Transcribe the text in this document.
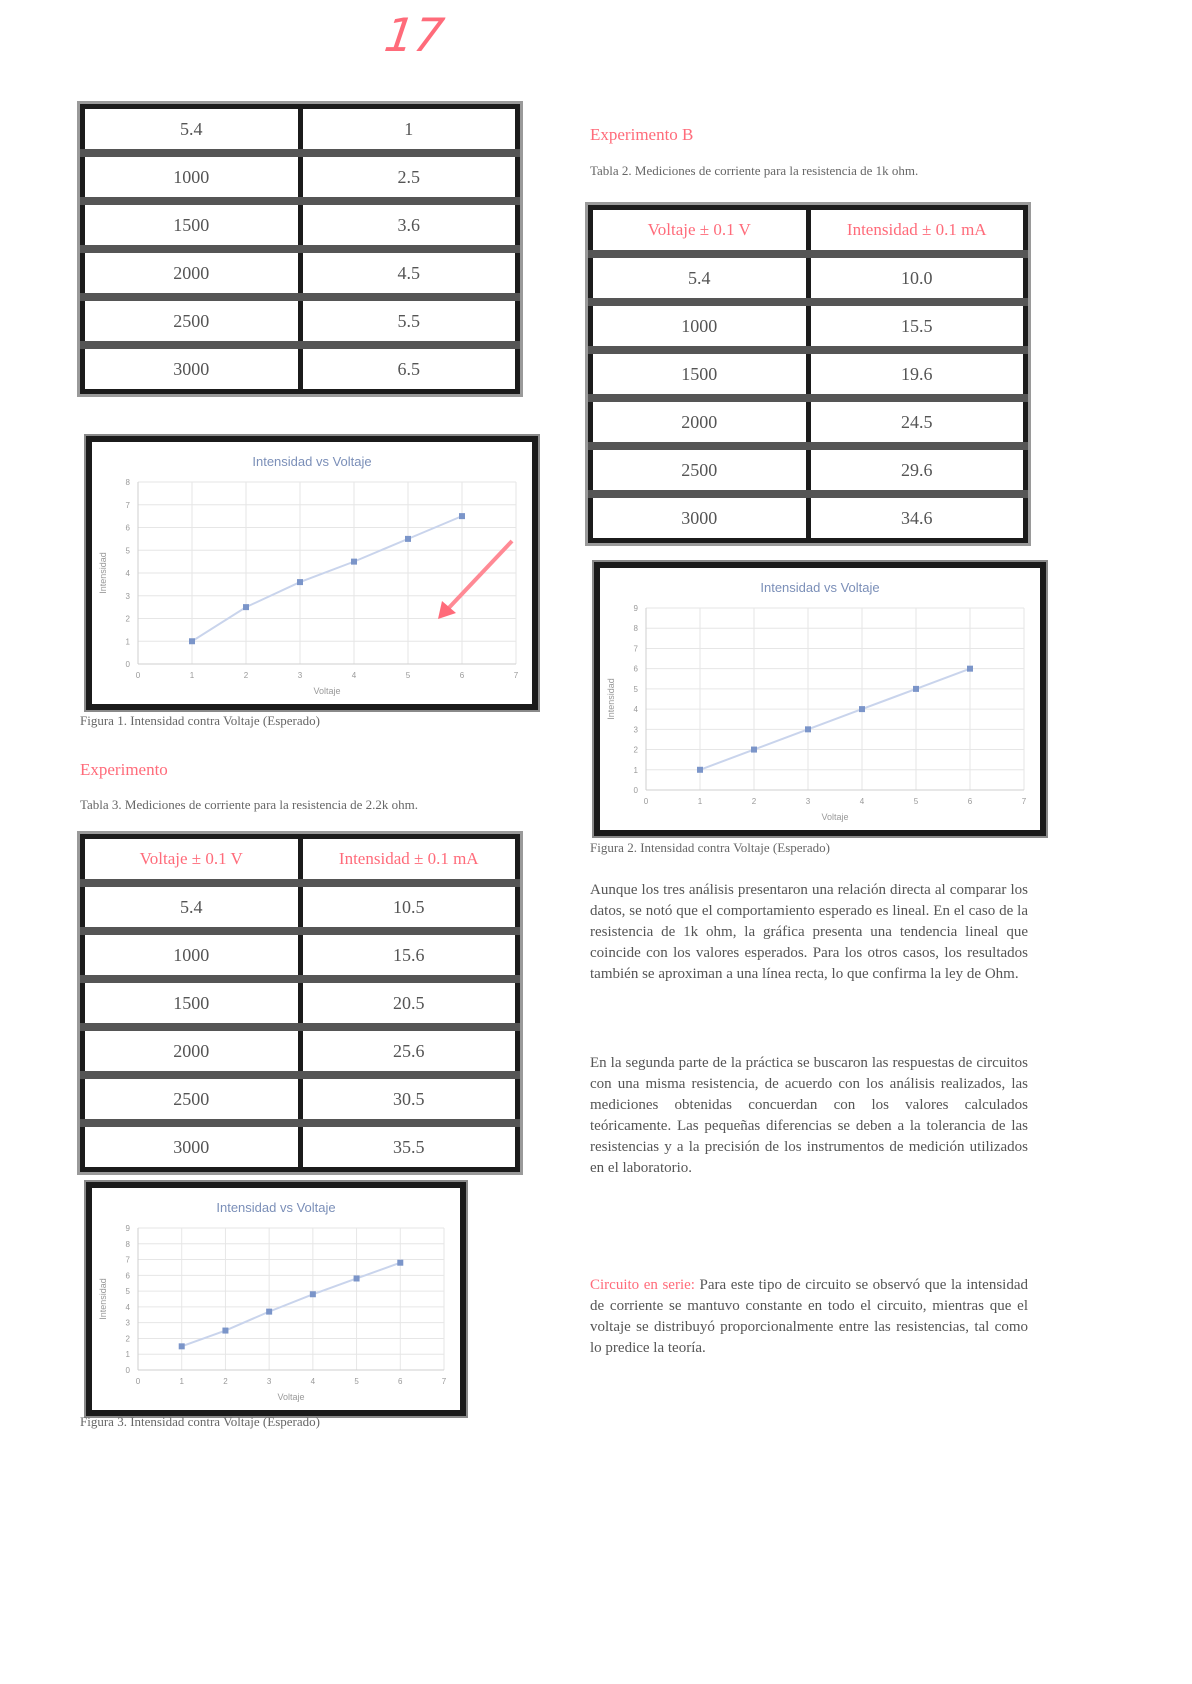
17
5.4	1
1000	2.5
1500	3.6
2000	4.5
2500	5.5
3000	6.5
Intensidad vs Voltaje
0	1	2	3	4	5	6	7
0
1
2
3
4
5
6
7
8
Voltaje
Intensidad
Figura 1. Intensidad contra Voltaje (Esperado)
Experimento
Tabla 3. Mediciones de corriente para la resistencia de 2.2k ohm.
Voltaje ± 0.1 V	Intensidad ± 0.1 mA
5.4	10.5
1000	15.6
1500	20.5
2000	25.6
2500	30.5
3000	35.5
Intensidad vs Voltaje
0	1	2	3	4	5	6	7
0
1
2
3
4
5
6
7
8
9
Voltaje
Intensidad
Figura 3. Intensidad contra Voltaje (Esperado)
Experimento B
Tabla 2. Mediciones de corriente para la resistencia de 1k ohm.
Voltaje ± 0.1 V	Intensidad ± 0.1 mA
5.4	10.0
1000	15.5
1500	19.6
2000	24.5
2500	29.6
3000	34.6
Intensidad vs Voltaje
0	1	2	3	4	5	6	7
0
1
2
3
4
5
6
7
8
9
Voltaje
Intensidad
Figura 2. Intensidad contra Voltaje (Esperado)
Aunque los tres análisis presentaron una relación directa al comparar los datos, se notó que el comportamiento esperado es lineal. En el caso de la resistencia de 1k ohm, la gráfica presenta una tendencia lineal que coincide con los valores esperados. Para los otros casos, los resultados también se aproximan a una línea recta, lo que confirma la ley de Ohm.
En la segunda parte de la práctica se buscaron las respuestas de circuitos con una misma resistencia, de acuerdo con los análisis realizados, las mediciones obtenidas concuerdan con los valores calculados teóricamente. Las pequeñas diferencias se deben a la tolerancia de las resistencias y a la precisión de los instrumentos de medición utilizados en el laboratorio.
Circuito en serie: Para este tipo de circuito se observó que la intensidad de corriente se mantuvo constante en todo el circuito, mientras que el voltaje se distribuyó proporcionalmente entre las resistencias, tal como lo predice la teoría.
